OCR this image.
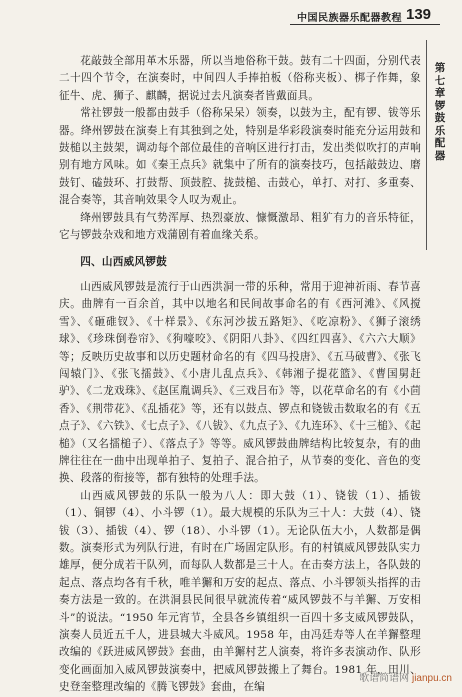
中国民族器乐配器教程 139
第
七
章
锣
鼓
乐
配
器

花敲鼓全部用革木乐器，所以当地俗称干鼓。鼓有二十四面，分别代表二十四个节令，在演奏时，中间四人手捧拍板（俗称夹板）、梆子作舞，象征牛、虎、狮子、麒麟，据说过去凡演奏者皆戴面具。

常社锣鼓一般都由鼓手（俗称呆呆）领奏，以鼓为主，配有锣、钹等乐器。绛州锣鼓在演奏上有其独到之处，特别是华彩段演奏时能充分运用鼓和鼓槌以主鼓架，调动每个部位最佳的音响区进行打击，发出类似吹打的声响别有地方风味。如《秦王点兵》就集中了所有的演奏技巧，包括敲鼓边、磨鼓钉、磕鼓环、打鼓帮、顶鼓腔、拢鼓槌、击鼓心，单打、对打、多重奏、混合奏等，其音响效果令人叹为观止。

绛州锣鼓具有气势浑厚、热烈豪放、慷慨激昂、粗犷有力的音乐特征，它与锣鼓杂戏和地方戏蒲剧有着血缘关系。

四、山西威风锣鼓

山西威风锣鼓是流行于山西洪洞一带的乐种，常用于迎神祈雨、春节喜庆。曲牌有一百余首，其中以地名和民间故事命名的有《西河滩》、《风搅雪》、《砸碓钗》、《十样景》、《东河沙拔五路矩》、《吃凉粉》、《狮子滚绣球》、《珍珠倒卷帘》、《狗嚎咬》、《阴阳八卦》、《四红四喜》、《六六大顺》等；反映历史故事和以历史题材命名的有《四马投唐》、《五马破曹》、《张飞闯辕门》、《张飞擂鼓》、《小唐儿乱点兵》、《韩湘子提花篮》、《曹国舅赶驴》、《二龙戏珠》、《赵匡胤调兵》、《三戏吕布》等，以花草命名的有《小茴香》、《荆带花》、《乱插花》等，还有以鼓点、锣点和铙钹击数取名的有《五点子》、《六铁》、《七点子》、《八钹》、《九点子》、《九连环》、《十三槌》、《起槌》（又名擂槌子）、《落点子》等等。威风锣鼓曲牌结构比较复杂，有的曲牌往往在一曲中出现单拍子、复拍子、混合拍子，从节奏的变化、音色的变换、段落的衔接等，都有独特的处理手法。

山西威风锣鼓的乐队一般为八人：即大鼓（1）、铙钹（1）、插钹（1）、铜锣（4）、小斗锣（1）。最大规模的乐队为三十人：大鼓（4）、铙钹（3）、插钹（4）、锣（18）、小斗锣（1）。无论队伍大小，人数都是偶数。演奏形式为列队行进，有时在广场固定队形。有的村镇威风锣鼓队实力雄厚，便分成若干队列，而每队人数都是三十人。在击奏方法上，各队鼓的起点、落点均各有千秋，唯羊獬和万安的起点、落点、小斗锣领头指挥的击奏方法是一致的。在洪洞县民间很早就流传着“威风锣鼓不与羊獬、万安相斗”的说法。“1950 年元宵节，全县各乡镇组织一百四十多支威风锣鼓队，演奏人员近五千人，进县城大斗威风。1958 年，由冯廷寿等人在羊獬整理改编的《跃进威风锣鼓》套曲，由羊獬村艺人演奏，将许多表演动作、队形变化画面加入威风锣鼓演奏中，把威风锣鼓搬上了舞台。1981 年，田川、史登奎整理改编的《腾飞锣鼓》套曲，在编

歌谱简谱网 jianpu.cn
